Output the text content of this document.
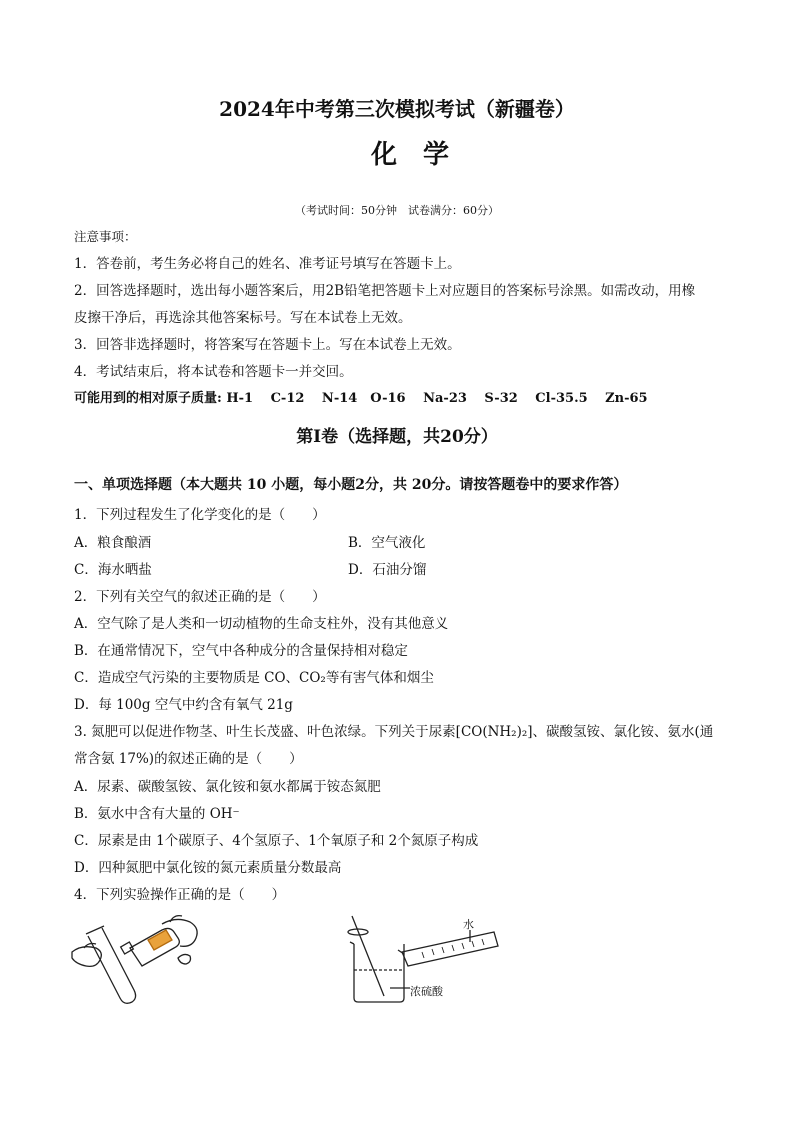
2024年中考第三次模拟考试（新疆卷）
化学
（考试时间：50分钟　试卷满分：60分）
注意事项：
1．答卷前，考生务必将自己的姓名、准考证号填写在答题卡上。
2．回答选择题时，选出每小题答案后，用2B铅笔把答题卡上对应题目的答案标号涂黑。如需改动，用橡
皮擦干净后，再选涂其他答案标号。写在本试卷上无效。
3．回答非选择题时，将答案写在答题卡上。写在本试卷上无效。
4．考试结束后，将本试卷和答题卡一并交回。
可能用到的相对原子质量: H-1　 C-12　 N-14　O-16　 Na-23　 S-32　 Cl-35.5　 Zn-65
第Ⅰ卷（选择题，共20分）
一、单项选择题（本大题共 10 小题，每小题2分，共 20分。请按答题卷中的要求作答）
1．下列过程发生了化学变化的是（　　）
A．粮食酿酒	B．空气液化
C．海水晒盐	D．石油分馏
2．下列有关空气的叙述正确的是（　　）
A．空气除了是人类和一切动植物的生命支柱外，没有其他意义
B．在通常情况下，空气中各种成分的含量保持相对稳定
C．造成空气污染的主要物质是 CO、CO₂等有害气体和烟尘
D．每 100g 空气中约含有氧气 21g
3. 氮肥可以促进作物茎、叶生长茂盛、叶色浓绿。下列关于尿素[CO(NH₂)₂]、碳酸氢铵、氯化铵、氨水(通
常含氨 17%)的叙述正确的是（　　）
A．尿素、碳酸氢铵、氯化铵和氨水都属于铵态氮肥
B．氨水中含有大量的 OH⁻
C．尿素是由 1个碳原子、4个氢原子、1个氧原子和 2个氮原子构成
D．四种氮肥中氯化铵的氮元素质量分数最高
4．下列实验操作正确的是（　　）
水
浓硫酸
